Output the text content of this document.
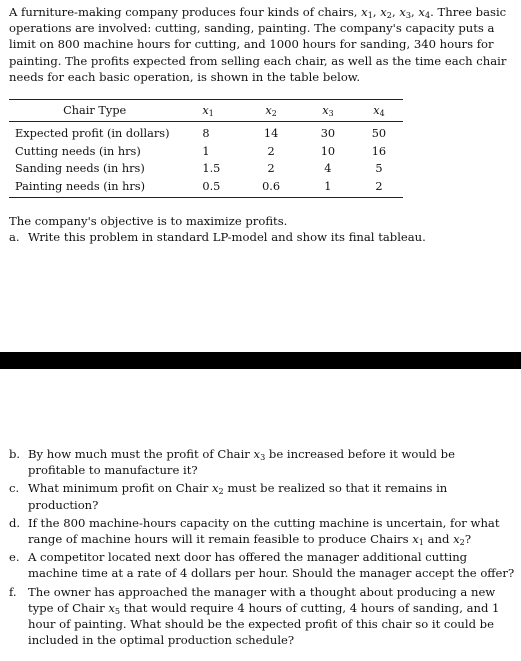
A furniture-making company produces four kinds of chairs, $x_1$, $x_2$, $x_3$, $x_4$. Three basic operations are involved: cutting, sanding, painting. The company's capacity puts a limit on 800 machine hours for cutting, and 1000 hours for sanding, 340 hours for painting. The profits expected from selling each chair, as well as the time each chair needs for each basic operation, is shown in the table below.

Chair Type	$x_1$	$x_2$	$x_3$	$x_4$
Expected profit (in dollars)	8	14	30	50
Cutting needs (in hrs)	1	2	10	16
Sanding needs (in hrs)	1.5	2	4	5
Painting needs (in hrs)	0.5	0.6	1	2

The company's objective is to maximize profits.

a. Write this problem in standard LP-model and show its final tableau.
b. By how much must the profit of Chair $x_3$ be increased before it would be profitable to manufacture it?
c. What minimum profit on Chair $x_2$ must be realized so that it remains in production?
d. If the 800 machine-hours capacity on the cutting machine is uncertain, for what range of machine hours will it remain feasible to produce Chairs $x_1$ and $x_2$?
e. A competitor located next door has offered the manager additional cutting machine time at a rate of 4 dollars per hour. Should the manager accept the offer?
f. The owner has approached the manager with a thought about producing a new type of Chair $x_5$ that would require 4 hours of cutting, 4 hours of sanding, and 1 hour of painting. What should be the expected profit of this chair so it could be included in the optimal production schedule?
